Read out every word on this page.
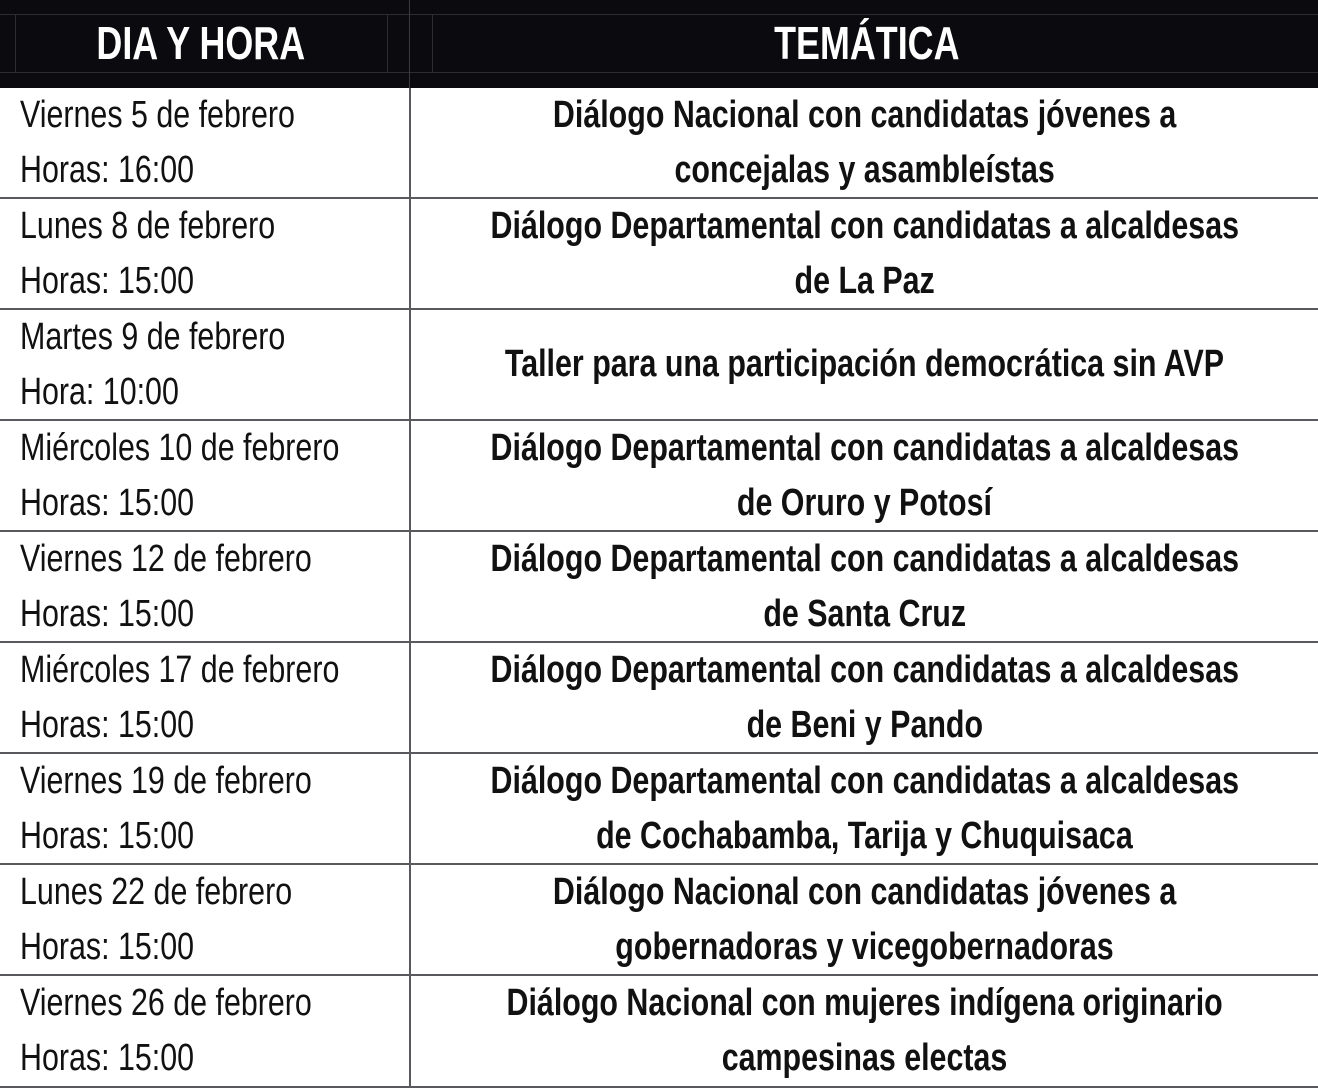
DIA Y HORA	TEMÁTICA
Viernes 5 de febrero
Horas: 16:00
Diálogo Nacional con candidatas jóvenes a
concejalas y asambleístas
Lunes 8 de febrero
Horas: 15:00
Diálogo Departamental con candidatas a alcaldesas
de La Paz
Martes 9 de febrero
Hora: 10:00
Taller para una participación democrática sin AVP
Miércoles 10 de febrero
Horas: 15:00
Diálogo Departamental con candidatas a alcaldesas
de Oruro y Potosí
Viernes 12 de febrero
Horas: 15:00
Diálogo Departamental con candidatas a alcaldesas
de Santa Cruz
Miércoles 17 de febrero
Horas: 15:00
Diálogo Departamental con candidatas a alcaldesas
de Beni y Pando
Viernes 19 de febrero
Horas: 15:00
Diálogo Departamental con candidatas a alcaldesas
de Cochabamba, Tarija y Chuquisaca
Lunes 22 de febrero
Horas: 15:00
Diálogo Nacional con candidatas jóvenes a
gobernadoras y vicegobernadoras
Viernes 26 de febrero
Horas: 15:00
Diálogo Nacional con mujeres indígena originario
campesinas electas
